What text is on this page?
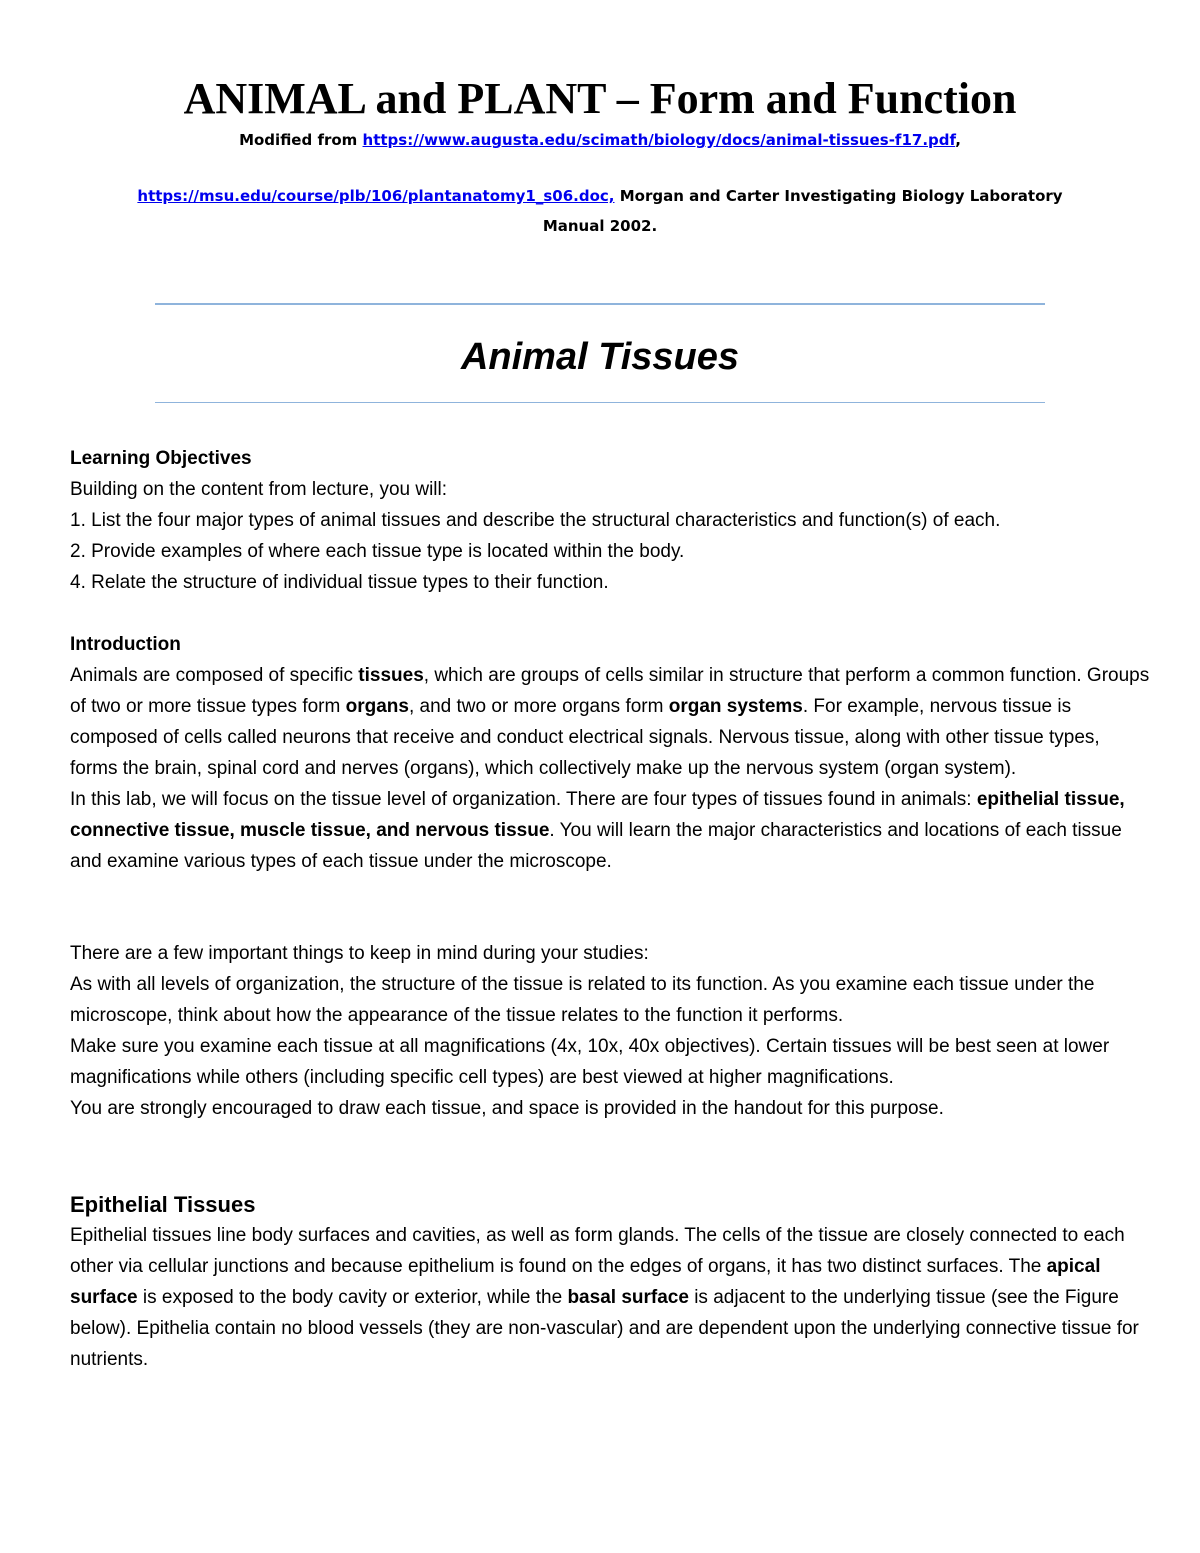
ANIMAL and PLANT – Form and Function

Modified from https://www.augusta.edu/scimath/biology/docs/animal-tissues-f17.pdf,

https://msu.edu/course/plb/106/plantanatomy1_s06.doc, Morgan and Carter Investigating Biology Laboratory

Manual 2002.

Animal Tissues

Learning Objectives

Building on the content from lecture, you will:

1. List the four major types of animal tissues and describe the structural characteristics and function(s) of each.

2. Provide examples of where each tissue type is located within the body.

4. Relate the structure of individual tissue types to their function.

Introduction

Animals are composed of specific tissues, which are groups of cells similar in structure that perform a common function. Groups of two or more tissue types form organs, and two or more organs form organ systems. For example, nervous tissue is composed of cells called neurons that receive and conduct electrical signals. Nervous tissue, along with other tissue types, forms the brain, spinal cord and nerves (organs), which collectively make up the nervous system (organ system).

In this lab, we will focus on the tissue level of organization. There are four types of tissues found in animals: epithelial tissue, connective tissue, muscle tissue, and nervous tissue. You will learn the major characteristics and locations of each tissue and examine various types of each tissue under the microscope.

There are a few important things to keep in mind during your studies:

As with all levels of organization, the structure of the tissue is related to its function. As you examine each tissue under the microscope, think about how the appearance of the tissue relates to the function it performs.

Make sure you examine each tissue at all magnifications (4x, 10x, 40x objectives). Certain tissues will be best seen at lower magnifications while others (including specific cell types) are best viewed at higher magnifications.

You are strongly encouraged to draw each tissue, and space is provided in the handout for this purpose.

Epithelial Tissues

Epithelial tissues line body surfaces and cavities, as well as form glands. The cells of the tissue are closely connected to each other via cellular junctions and because epithelium is found on the edges of organs, it has two distinct surfaces. The apical surface is exposed to the body cavity or exterior, while the basal surface is adjacent to the underlying tissue (see the Figure below). Epithelia contain no blood vessels (they are non-vascular) and are dependent upon the underlying connective tissue for nutrients.
